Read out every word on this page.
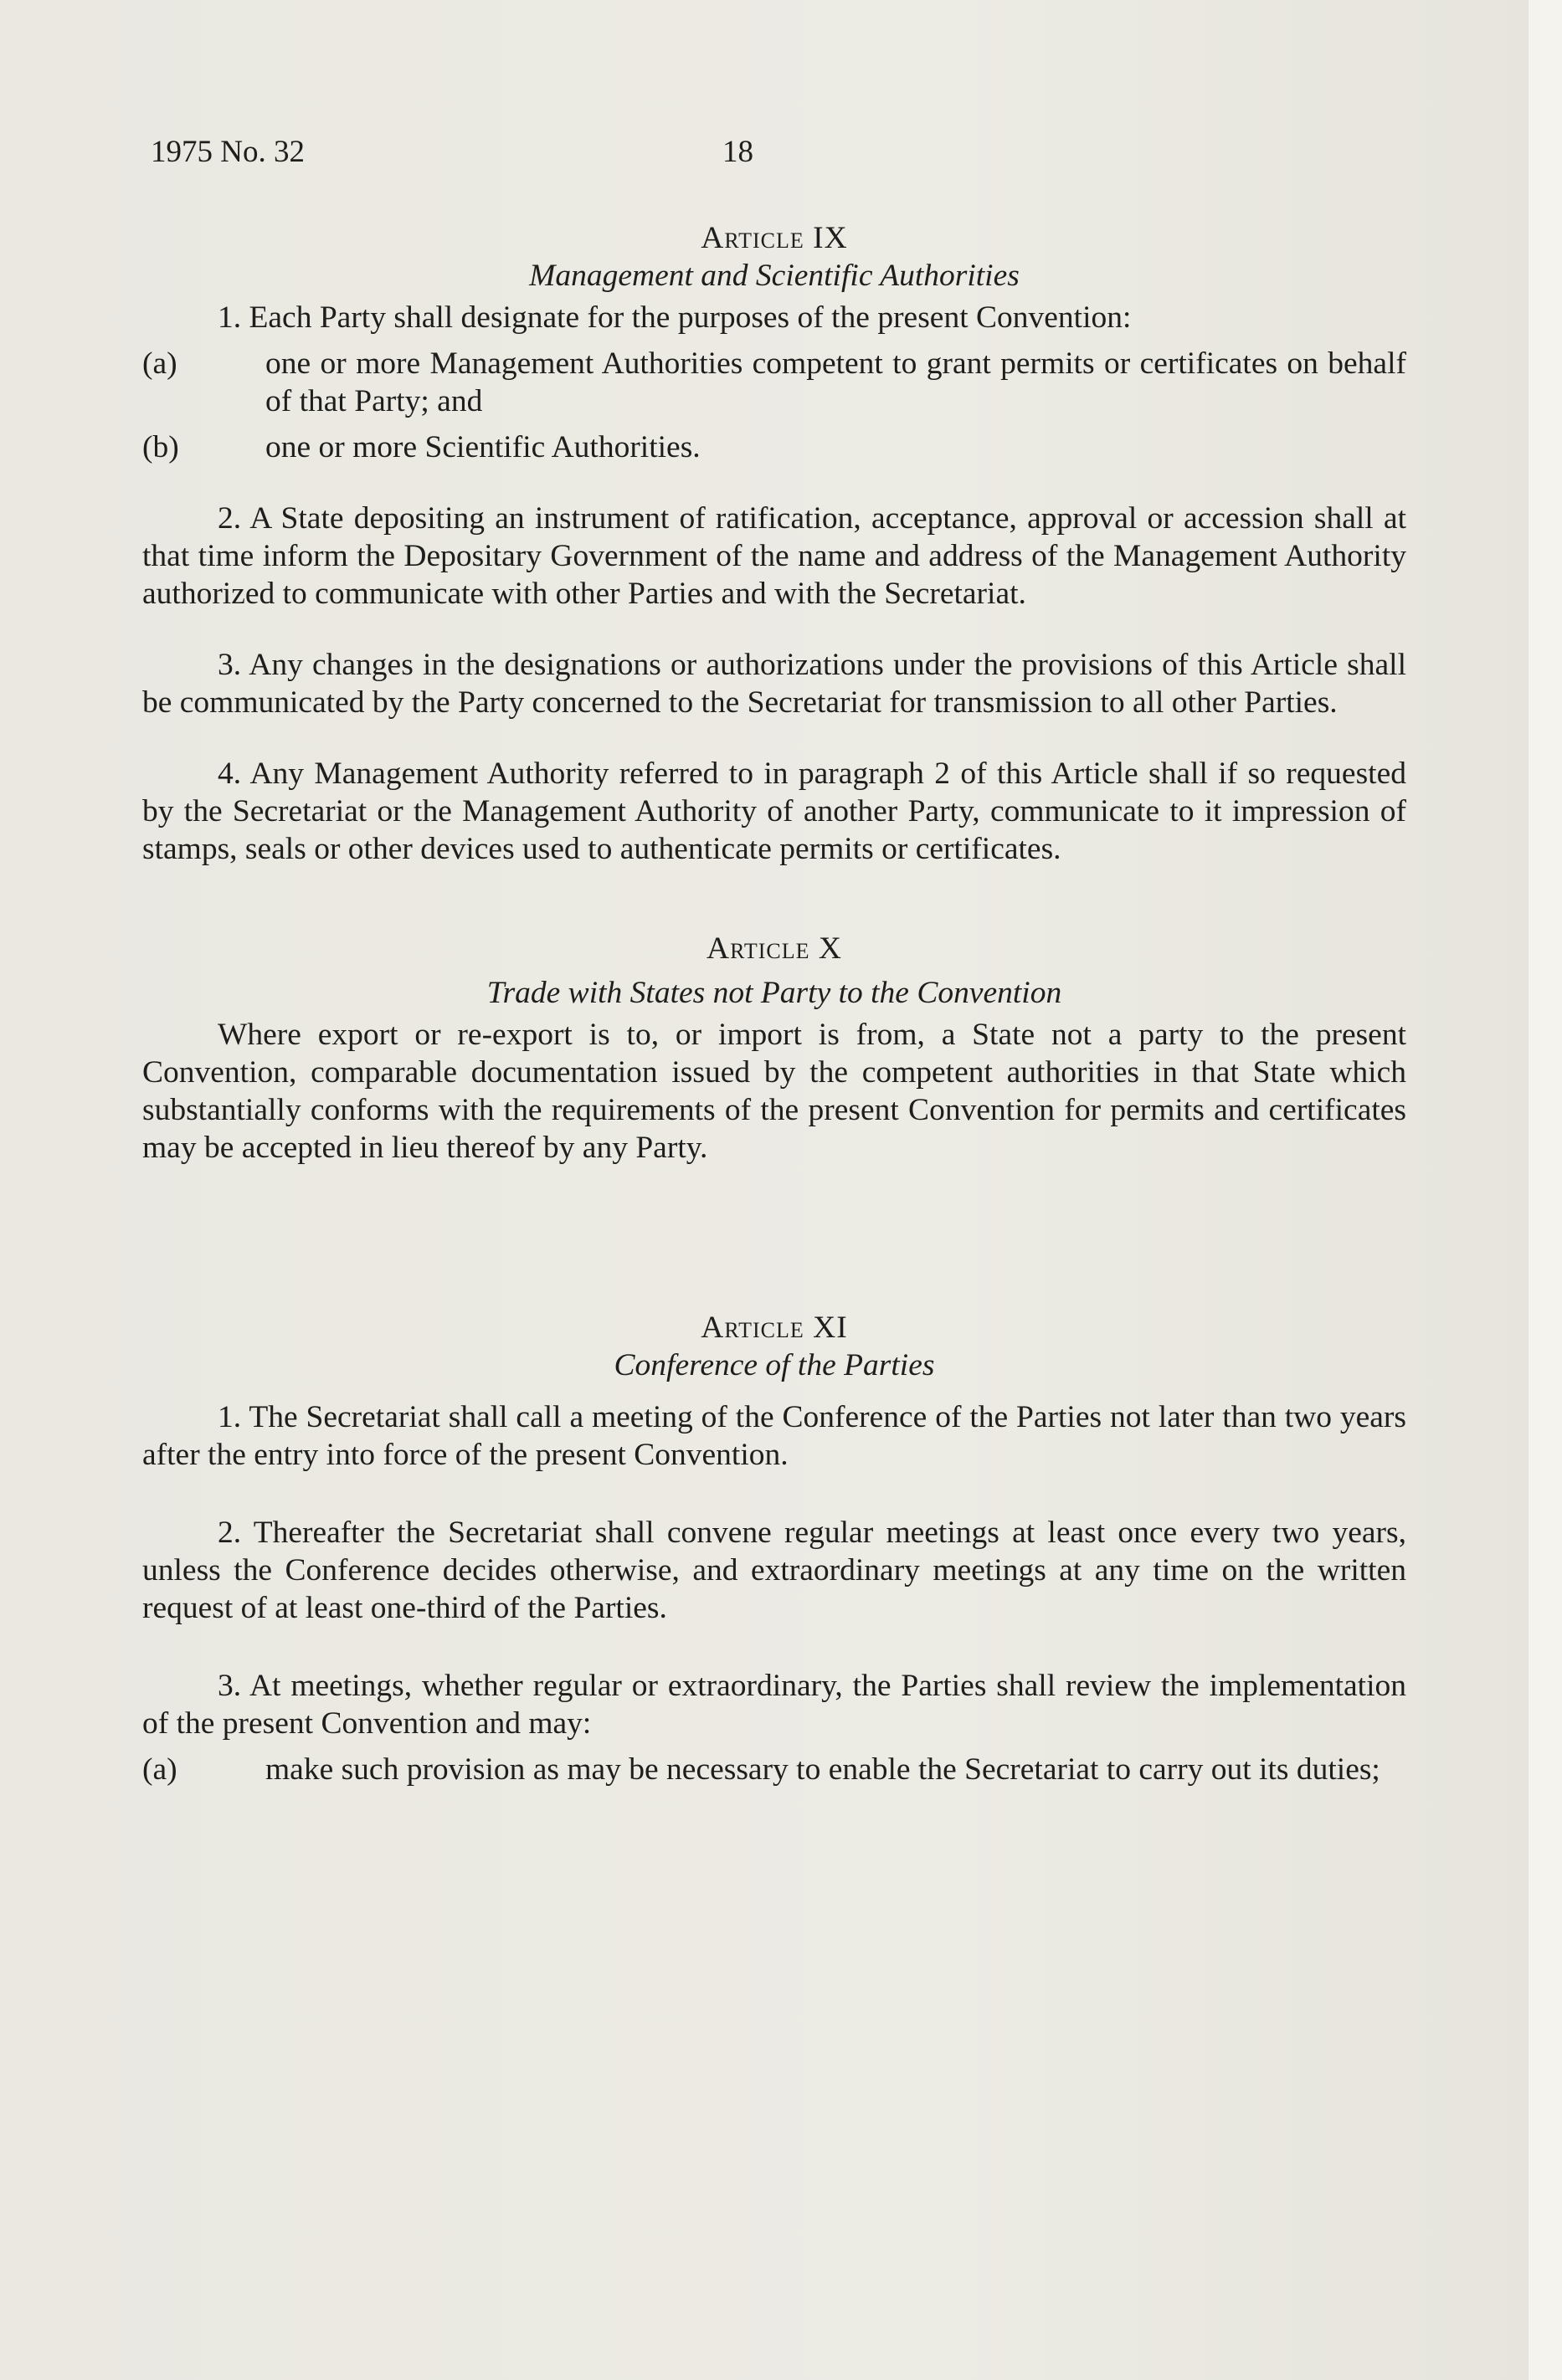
1975 No. 32	18
Article IX
Management and Scientific Authorities

1. Each Party shall designate for the purposes of the present Convention:

(a)	one or more Management Authorities competent to grant permits or certificates on behalf of that Party; and
(b)	one or more Scientific Authorities.

2. A State depositing an instrument of ratification, acceptance, approval or accession shall at that time inform the Depositary Government of the name and address of the Management Authority authorized to communicate with other Parties and with the Secretariat.

3. Any changes in the designations or authorizations under the provisions of this Article shall be communicated by the Party concerned to the Secretariat for transmission to all other Parties.

4. Any Management Authority referred to in paragraph 2 of this Article shall if so requested by the Secretariat or the Management Authority of another Party, communicate to it impression of stamps, seals or other devices used to authenticate permits or certificates.

Article X
Trade with States not Party to the Convention

Where export or re-export is to, or import is from, a State not a party to the present Convention, comparable documentation issued by the competent authorities in that State which substantially conforms with the requirements of the present Convention for permits and certificates may be accepted in lieu thereof by any Party.

Article XI
Conference of the Parties

1. The Secretariat shall call a meeting of the Conference of the Parties not later than two years after the entry into force of the present Convention.

2. Thereafter the Secretariat shall convene regular meetings at least once every two years, unless the Conference decides otherwise, and extraordinary meetings at any time on the written request of at least one-third of the Parties.

3. At meetings, whether regular or extraordinary, the Parties shall review the implementation of the present Convention and may:

(a)	make such provision as may be necessary to enable the Secretariat to carry out its duties;
